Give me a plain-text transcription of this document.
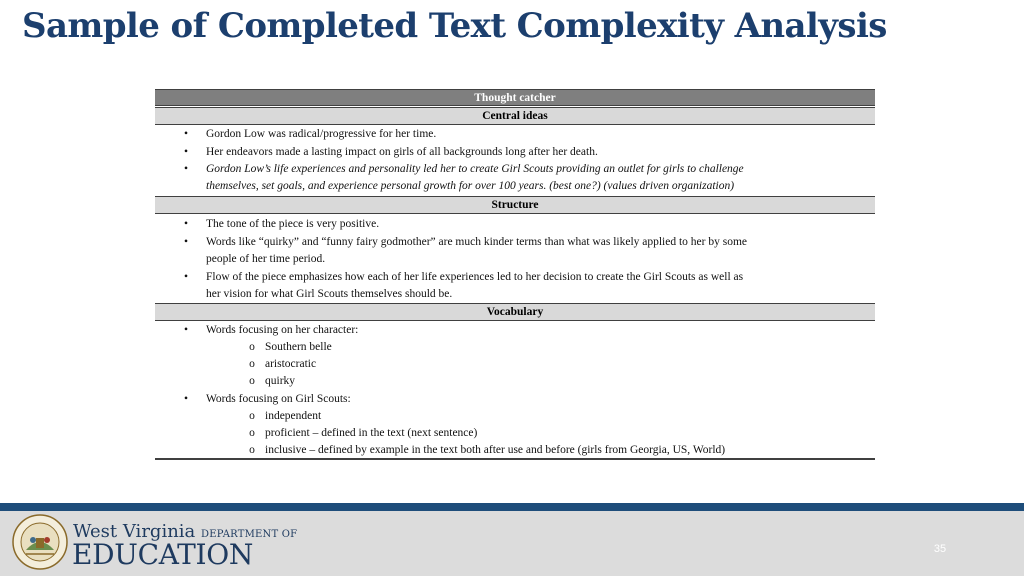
Sample of Completed Text Complexity Analysis
Thought catcher
Central ideas
• Gordon Low was radical/progressive for her time.
• Her endeavors made a lasting impact on girls of all backgrounds long after her death.
• Gordon Low’s life experiences and personality led her to create Girl Scouts providing an outlet for girls to challenge
themselves, set goals, and experience personal growth for over 100 years. (best one?) (values driven organization)
Structure
• The tone of the piece is very positive.
• Words like “quirky” and “funny fairy godmother” are much kinder terms than what was likely applied to her by some
people of her time period.
• Flow of the piece emphasizes how each of her life experiences led to her decision to create the Girl Scouts as well as
her vision for what Girl Scouts themselves should be.
Vocabulary
• Words focusing on her character:
o Southern belle
o aristocratic
o quirky
• Words focusing on Girl Scouts:
o independent
o proficient – defined in the text (next sentence)
o inclusive – defined by example in the text both after use and before (girls from Georgia, US, World)
West Virginia DEPARTMENT OF
EDUCATION	35
